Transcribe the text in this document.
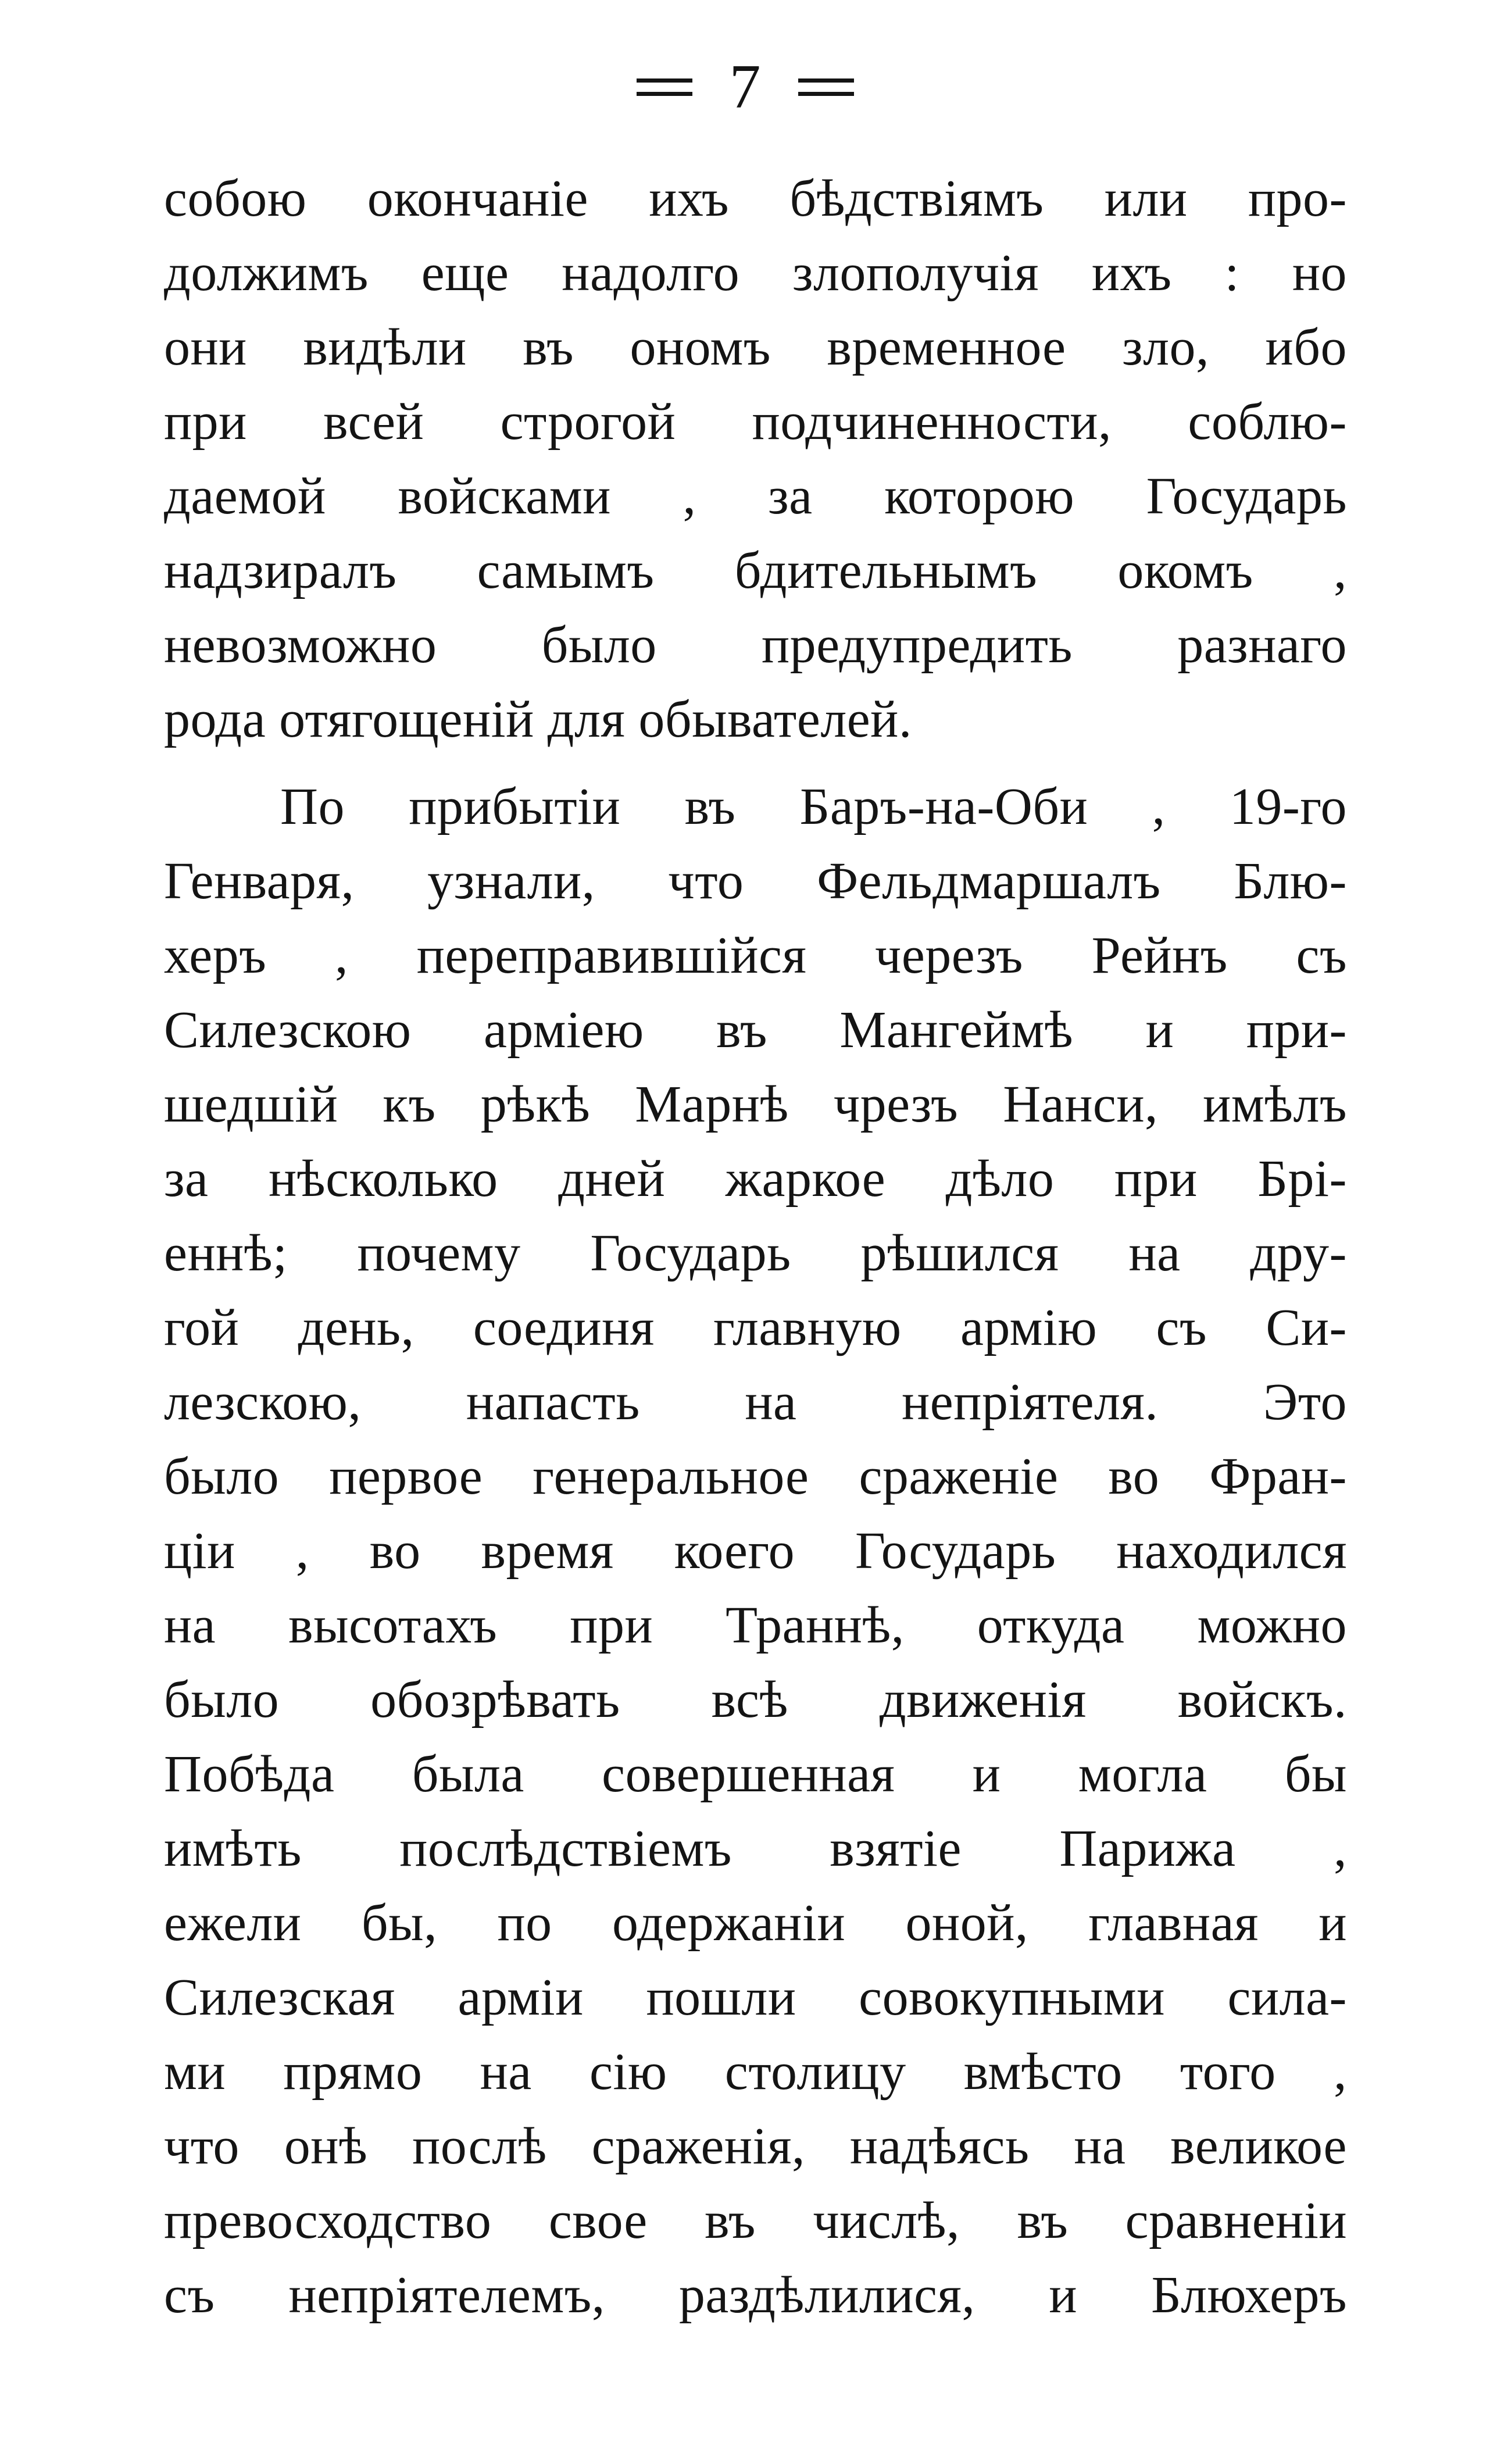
7
собою окончаніе ихъ бѣдствіямъ или про-
должимъ еще надолго злополучія ихъ : но
они видѣли въ ономъ временное зло, ибо
при всей строгой подчиненности, соблю-
даемой войсками , за которою Государь
надзиралъ самымъ бдительнымъ окомъ ,
невозможно было предупредить разнаго
рода отягощеній для обывателей.
По прибытіи въ Баръ-на-Оби , 19-го
Генваря, узнали, что Фельдмаршалъ Блю-
херъ , переправившійся черезъ Рейнъ съ
Силезскою арміею въ Мангеймѣ и при-
шедшій къ рѣкѣ Марнѣ чрезъ Нанси, имѣлъ
за нѣсколько дней жаркое дѣло при Брі-
еннѣ; почему Государь рѣшился на дру-
гой день, соединя главную армію съ Си-
лезскою, напасть на непріятеля. Это
было первое генеральное сраженіе во Фран-
ціи , во время коего Государь находился
на высотахъ при Траннѣ, откуда можно
было обозрѣвать всѣ движенія войскъ.
Побѣда была совершенная и могла бы
имѣть послѣдствіемъ взятіе Парижа ,
ежели бы, по одержаніи оной, главная и
Силезская арміи пошли совокупными сила-
ми прямо на сію столицу вмѣсто того ,
что онѣ послѣ сраженія, надѣясь на великое
превосходство свое въ числѣ, въ сравненіи
съ непріятелемъ, раздѣлилися, и Блюхеръ
